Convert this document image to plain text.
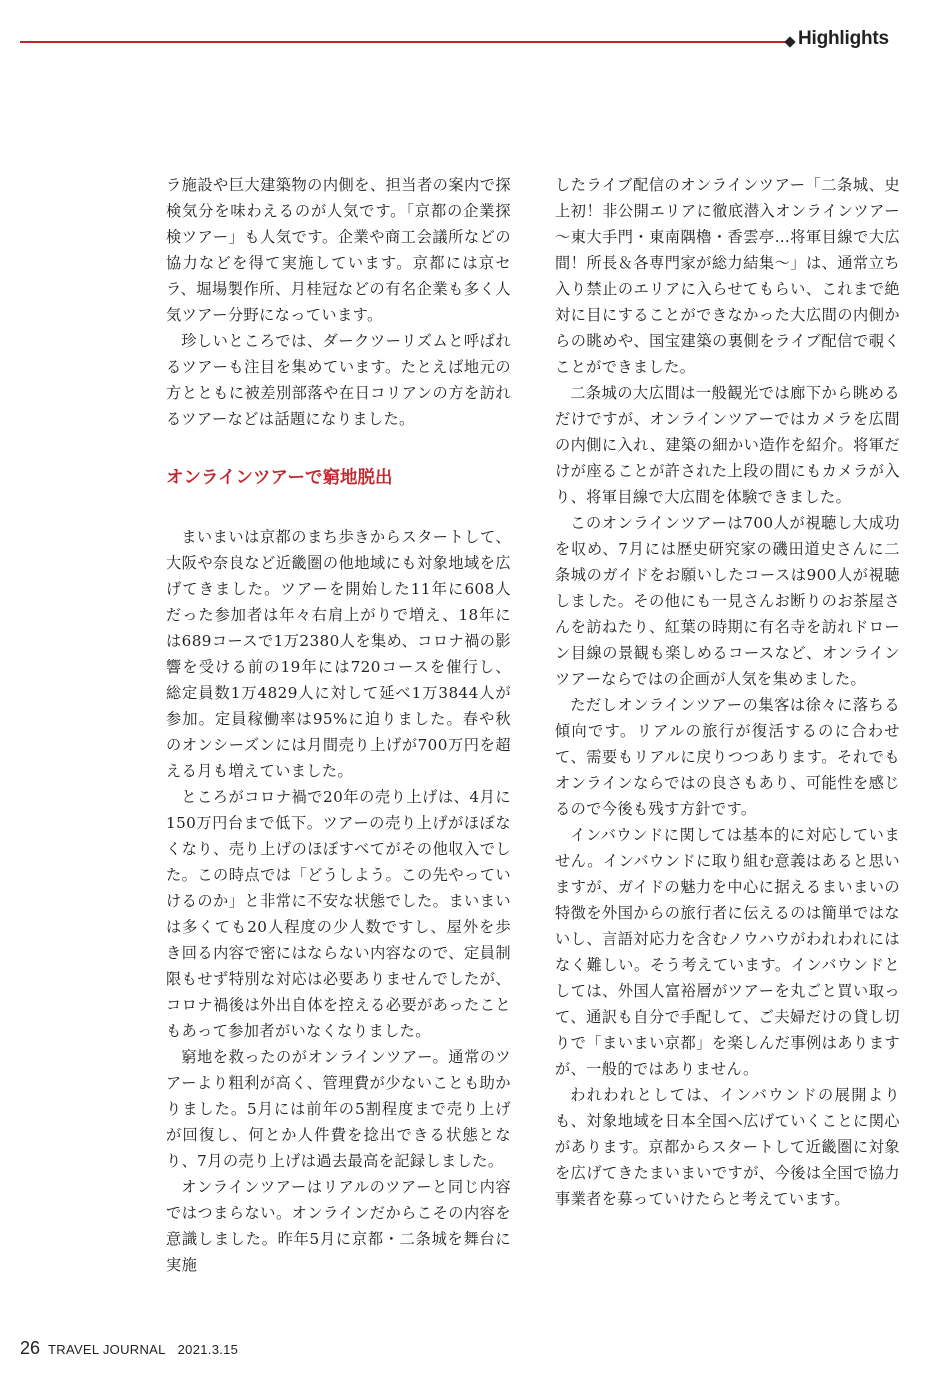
Highlights

ラ施設や巨大建築物の内側を、担当者の案内で探検気分を味わえるのが人気です。「京都の企業探検ツアー」も人気です。企業や商工会議所などの協力などを得て実施しています。京都には京セラ、堀場製作所、月桂冠などの有名企業も多く人気ツアー分野になっています。

珍しいところでは、ダークツーリズムと呼ばれるツアーも注目を集めています。たとえば地元の方とともに被差別部落や在日コリアンの方を訪れるツアーなどは話題になりました。

オンラインツアーで窮地脱出

まいまいは京都のまち歩きからスタートして、大阪や奈良など近畿圏の他地域にも対象地域を広げてきました。ツアーを開始した11年に608人だった参加者は年々右肩上がりで増え、18年には689コースで1万2380人を集め、コロナ禍の影響を受ける前の19年には720コースを催行し、総定員数1万4829人に対して延べ1万3844人が参加。定員稼働率は95%に迫りました。春や秋のオンシーズンには月間売り上げが700万円を超える月も増えていました。

ところがコロナ禍で20年の売り上げは、4月に150万円台まで低下。ツアーの売り上げがほぼなくなり、売り上げのほぼすべてがその他収入でした。この時点では「どうしよう。この先やっていけるのか」と非常に不安な状態でした。まいまいは多くても20人程度の少人数ですし、屋外を歩き回る内容で密にはならない内容なので、定員制限もせず特別な対応は必要ありませんでしたが、コロナ禍後は外出自体を控える必要があったこともあって参加者がいなくなりました。

窮地を救ったのがオンラインツアー。通常のツアーより粗利が高く、管理費が少ないことも助かりました。5月には前年の5割程度まで売り上げが回復し、何とか人件費を捻出できる状態となり、7月の売り上げは過去最高を記録しました。

オンラインツアーはリアルのツアーと同じ内容ではつまらない。オンラインだからこその内容を意識しました。昨年5月に京都・二条城を舞台に実施

したライブ配信のオンラインツアー「二条城、史上初！非公開エリアに徹底潜入オンラインツアー～東大手門・東南隅櫓・香雲亭…将軍目線で大広間！所長＆各専門家が総力結集～」は、通常立ち入り禁止のエリアに入らせてもらい、これまで絶対に目にすることができなかった大広間の内側からの眺めや、国宝建築の裏側をライブ配信で覗くことができました。

二条城の大広間は一般観光では廊下から眺めるだけですが、オンラインツアーではカメラを広間の内側に入れ、建築の細かい造作を紹介。将軍だけが座ることが許された上段の間にもカメラが入り、将軍目線で大広間を体験できました。

このオンラインツアーは700人が視聴し大成功を収め、7月には歴史研究家の磯田道史さんに二条城のガイドをお願いしたコースは900人が視聴しました。その他にも一見さんお断りのお茶屋さんを訪ねたり、紅葉の時期に有名寺を訪れドローン目線の景観も楽しめるコースなど、オンラインツアーならではの企画が人気を集めました。

ただしオンラインツアーの集客は徐々に落ちる傾向です。リアルの旅行が復活するのに合わせて、需要もリアルに戻りつつあります。それでもオンラインならではの良さもあり、可能性を感じるので今後も残す方針です。

インバウンドに関しては基本的に対応していません。インバウンドに取り組む意義はあると思いますが、ガイドの魅力を中心に据えるまいまいの特徴を外国からの旅行者に伝えるのは簡単ではないし、言語対応力を含むノウハウがわれわれにはなく難しい。そう考えています。インバウンドとしては、外国人富裕層がツアーを丸ごと買い取って、通訳も自分で手配して、ご夫婦だけの貸し切りで「まいまい京都」を楽しんだ事例はありますが、一般的ではありません。

われわれとしては、インバウンドの展開よりも、対象地域を日本全国へ広げていくことに関心があります。京都からスタートして近畿圏に対象を広げてきたまいまいですが、今後は全国で協力事業者を募っていけたらと考えています。

26 TRAVEL JOURNAL 2021.3.15
